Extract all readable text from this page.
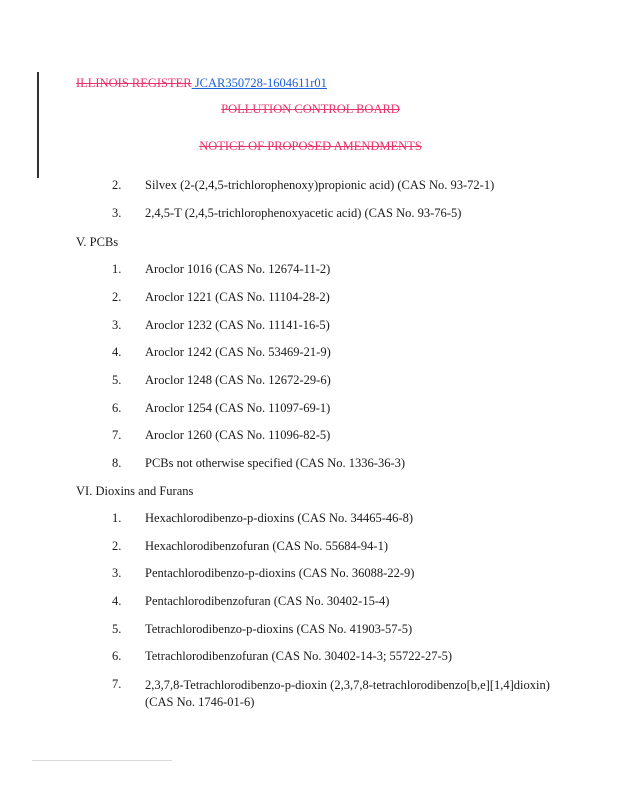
ILLINOIS REGISTER JCAR350728-1604611r01
POLLUTION CONTROL BOARD
NOTICE OF PROPOSED AMENDMENTS
2. Silvex (2-(2,4,5-trichlorophenoxy)propionic acid) (CAS No. 93-72-1)
3. 2,4,5-T (2,4,5-trichlorophenoxyacetic acid) (CAS No. 93-76-5)
V. PCBs
1. Aroclor 1016 (CAS No. 12674-11-2)
2. Aroclor 1221 (CAS No. 11104-28-2)
3. Aroclor 1232 (CAS No. 11141-16-5)
4. Aroclor 1242 (CAS No. 53469-21-9)
5. Aroclor 1248 (CAS No. 12672-29-6)
6. Aroclor 1254 (CAS No. 11097-69-1)
7. Aroclor 1260 (CAS No. 11096-82-5)
8. PCBs not otherwise specified (CAS No. 1336-36-3)
VI. Dioxins and Furans
1. Hexachlorodibenzo-p-dioxins (CAS No. 34465-46-8)
2. Hexachlorodibenzofuran (CAS No. 55684-94-1)
3. Pentachlorodibenzo-p-dioxins (CAS No. 36088-22-9)
4. Pentachlorodibenzofuran (CAS No. 30402-15-4)
5. Tetrachlorodibenzo-p-dioxins (CAS No. 41903-57-5)
6. Tetrachlorodibenzofuran (CAS No. 30402-14-3; 55722-27-5)
7. 2,3,7,8-Tetrachlorodibenzo-p-dioxin (2,3,7,8-tetrachlorodibenzo[b,e][1,4]dioxin) (CAS No. 1746-01-6)
